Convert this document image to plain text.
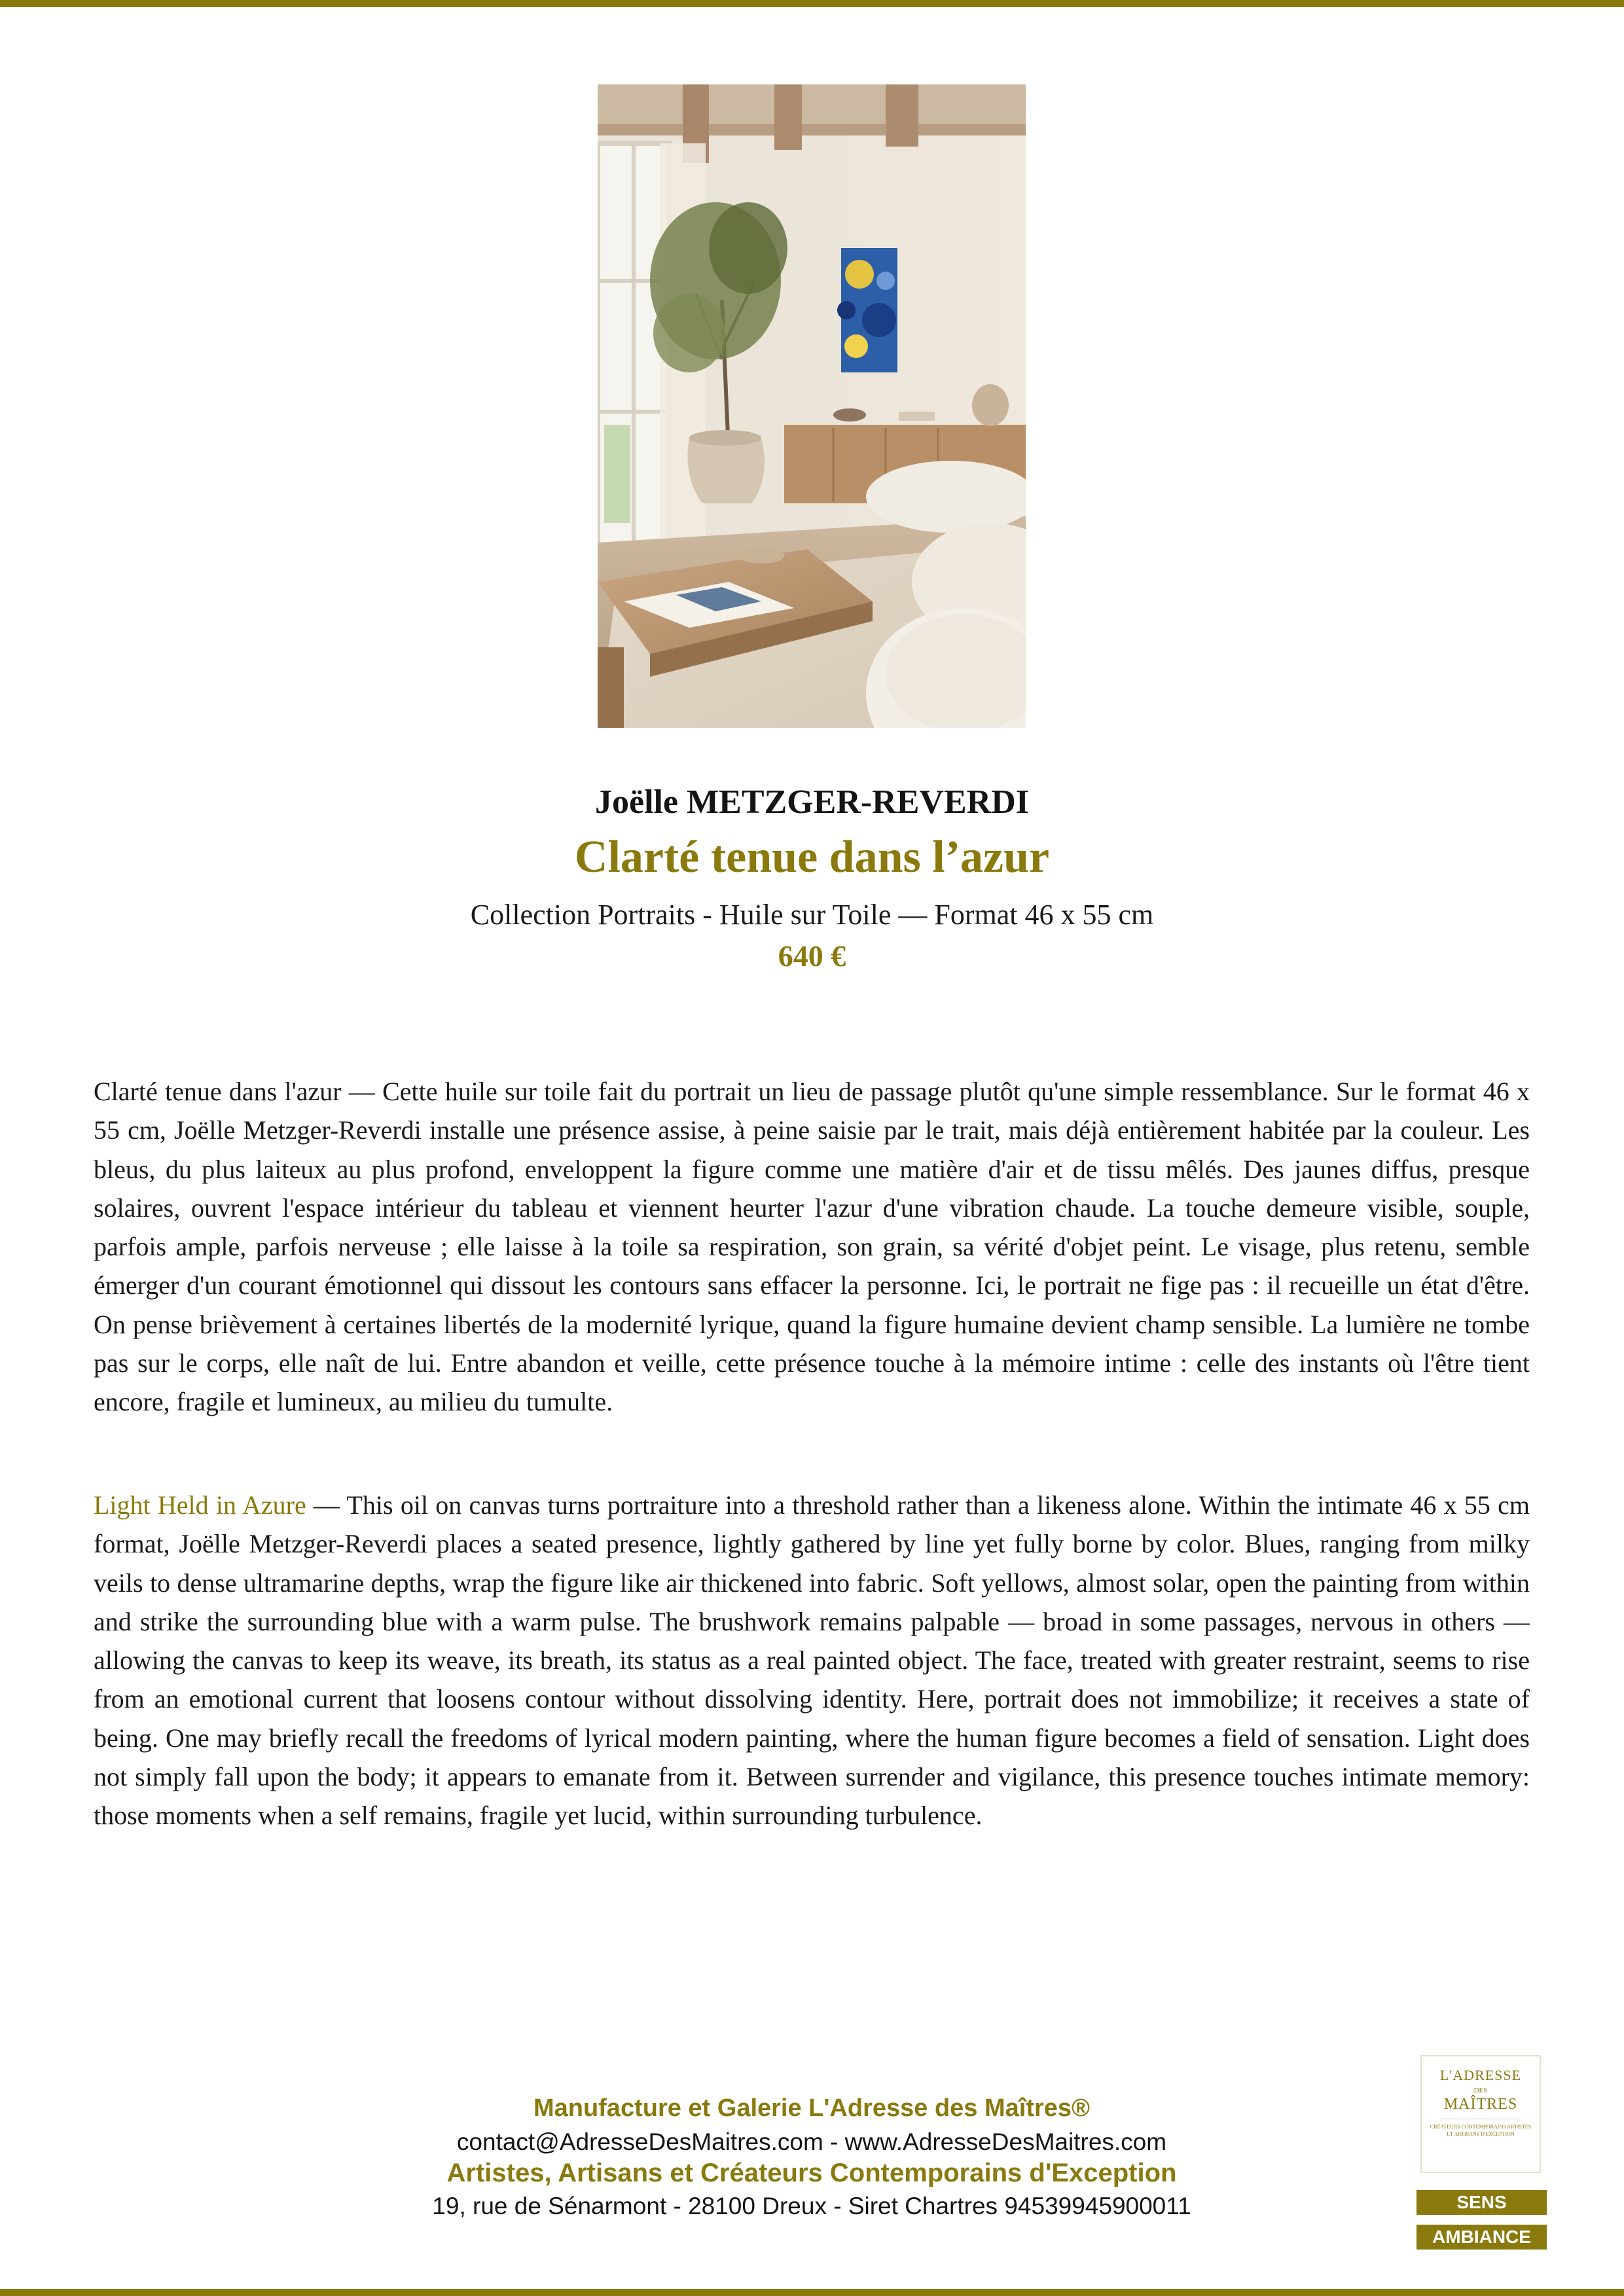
Joëlle METZGER-REVERDI
Clarté tenue dans l’azur
Collection Portraits - Huile sur Toile — Format 46 x 55 cm
640 €

Clarté tenue dans l'azur — Cette huile sur toile fait du portrait un lieu de passage plutôt qu'une simple ressemblance. Sur le format 46 x 55 cm, Joëlle Metzger-Reverdi installe une présence assise, à peine saisie par le trait, mais déjà entièrement habitée par la couleur. Les bleus, du plus laiteux au plus profond, enveloppent la figure comme une matière d'air et de tissu mêlés. Des jaunes diffus, presque solaires, ouvrent l'espace intérieur du tableau et viennent heurter l'azur d'une vibration chaude. La touche demeure visible, souple, parfois ample, parfois nerveuse ; elle laisse à la toile sa respiration, son grain, sa vérité d'objet peint. Le visage, plus retenu, semble émerger d'un courant émotionnel qui dissout les contours sans effacer la personne. Ici, le portrait ne fige pas : il recueille un état d'être. On pense brièvement à certaines libertés de la modernité lyrique, quand la figure humaine devient champ sensible. La lumière ne tombe pas sur le corps, elle naît de lui. Entre abandon et veille, cette présence touche à la mémoire intime : celle des instants où l'être tient encore, fragile et lumineux, au milieu du tumulte.

Light Held in Azure — This oil on canvas turns portraiture into a threshold rather than a likeness alone. Within the intimate 46 x 55 cm format, Joëlle Metzger-Reverdi places a seated presence, lightly gathered by line yet fully borne by color. Blues, ranging from milky veils to dense ultramarine depths, wrap the figure like air thickened into fabric. Soft yellows, almost solar, open the painting from within and strike the surrounding blue with a warm pulse. The brushwork remains palpable — broad in some passages, nervous in others — allowing the canvas to keep its weave, its breath, its status as a real painted object. The face, treated with greater restraint, seems to rise from an emotional current that loosens contour without dissolving identity. Here, portrait does not immobilize; it receives a state of being. One may briefly recall the freedoms of lyrical modern painting, where the human figure becomes a field of sensation. Light does not simply fall upon the body; it appears to emanate from it. Between surrender and vigilance, this presence touches intimate memory: those moments when a self remains, fragile yet lucid, within surrounding turbulence.

Manufacture et Galerie L'Adresse des Maîtres®
contact@AdresseDesMaitres.com - www.AdresseDesMaitres.com
Artistes, Artisans et Créateurs Contemporains d'Exception
19, rue de Sénarmont - 28100 Dreux - Siret Chartres 94539945900011
L'ADRESSE
DES
MAÎTRES
CRÉATEURS CONTEMPORAINS ARTISTES ET ARTISANS D'EXCEPTION
SENS
AMBIANCE
